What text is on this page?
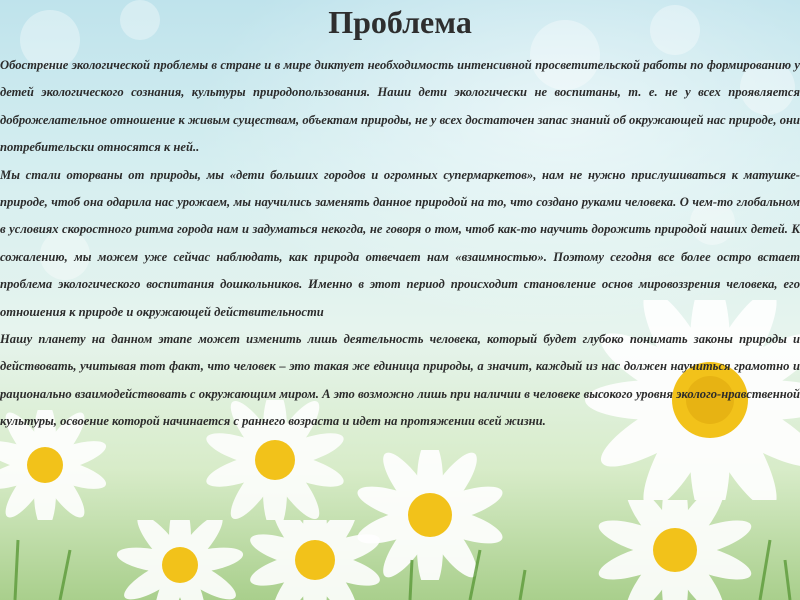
Проблема

Обострение экологической проблемы в стране и в мире диктует необходимость интенсивной просветительской работы по формированию у детей экологического сознания, культуры природопользования. Наши дети экологически не воспитаны, т. е. не у всех проявляется доброжелательное отношение к живым существам, объектам природы, не у всех достаточен запас знаний об окружающей нас природе, они потребительски относятся к ней..

Мы стали оторваны от природы, мы «дети больших городов и огромных супермаркетов», нам не нужно прислушиваться к матушке-природе, чтоб она одарила нас урожаем, мы научились заменять данное природой на то, что создано руками человека. О чем-то глобальном в условиях скоростного ритма города нам и задуматься некогда, не говоря о том, чтоб как-то научить дорожить природой наших детей. К сожалению, мы можем уже сейчас наблюдать, как природа отвечает нам «взаимностью». Поэтому сегодня все более остро встает проблема экологического воспитания дошкольников. Именно в этот период происходит становление основ мировоззрения человека, его отношения к природе и окружающей действительности

Нашу планету на данном этапе может изменить лишь деятельность человека, который будет глубоко понимать законы природы и действовать, учитывая тот факт, что человек – это такая же единица природы, а значит, каждый из нас должен научиться грамотно и рационально взаимодействовать с окружающим миром. А это возможно лишь при наличии в человеке высокого уровня эколого-нравственной культуры, освоение которой начинается с раннего возраста и идет на протяжении всей жизни.
